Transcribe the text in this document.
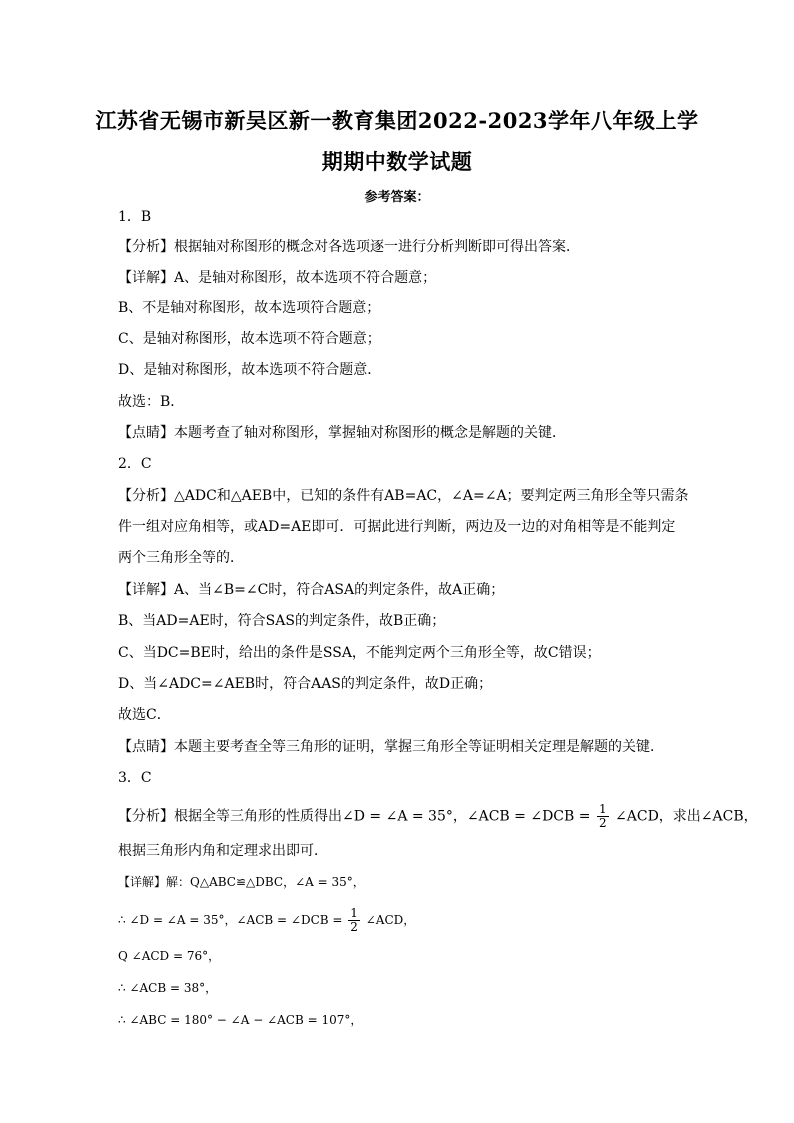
江苏省无锡市新吴区新一教育集团2022-2023学年八年级上学
期期中数学试题
参考答案：
1．B
【分析】根据轴对称图形的概念对各选项逐一进行分析判断即可得出答案．
【详解】A、是轴对称图形，故本选项不符合题意；
B、不是轴对称图形，故本选项符合题意；
C、是轴对称图形，故本选项不符合题意；
D、是轴对称图形，故本选项不符合题意．
故选：B．
【点睛】本题考查了轴对称图形，掌握轴对称图形的概念是解题的关键．
2．C
【分析】△ADC和△AEB中，已知的条件有AB=AC，∠A=∠A；要判定两三角形全等只需条
件一组对应角相等，或AD=AE即可．可据此进行判断，两边及一边的对角相等是不能判定
两个三角形全等的．
【详解】A、当∠B=∠C时，符合ASA的判定条件，故A正确；
B、当AD=AE时，符合SAS的判定条件，故B正确；
C、当DC=BE时，给出的条件是SSA，不能判定两个三角形全等，故C错误；
D、当∠ADC=∠AEB时，符合AAS的判定条件，故D正确；
故选C．
【点睛】本题主要考查全等三角形的证明，掌握三角形全等证明相关定理是解题的关键．
3．C
【分析】根据全等三角形的性质得出∠D = ∠A = 35°，∠ACB = ∠DCB = $\frac{1}{2}$ ∠ACD，求出∠ACB，
根据三角形内角和定理求出即可．
【详解】解：Q△ABC≌△DBC，∠A = 35°，
∴ ∠D = ∠A = 35°，∠ACB = ∠DCB = $\frac{1}{2}$ ∠ACD，
Q ∠ACD = 76°，
∴ ∠ACB = 38°，
∴ ∠ABC = 180° − ∠A − ∠ACB = 107°，
